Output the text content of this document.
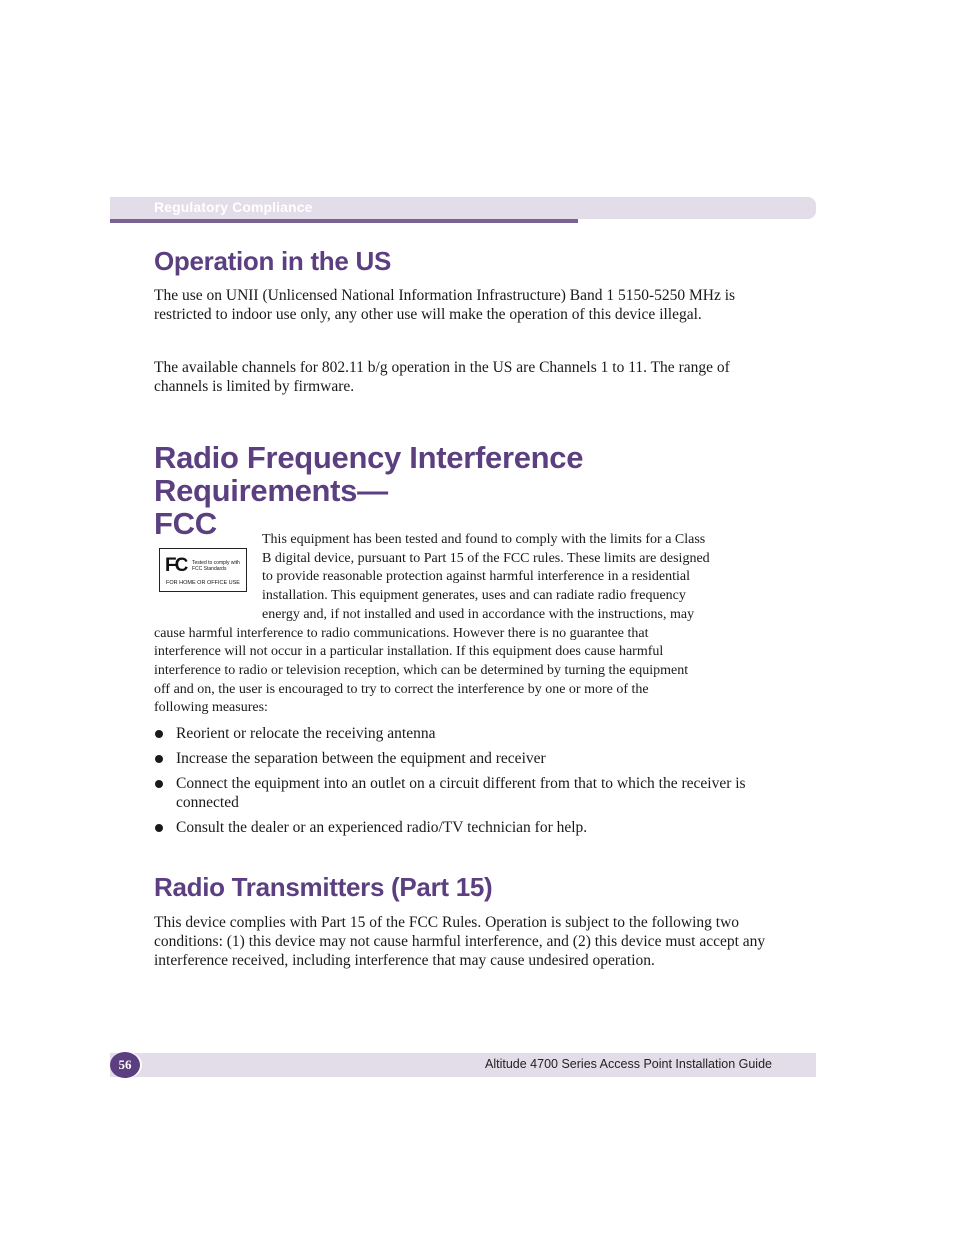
Regulatory Compliance
Operation in the US

The use on UNII (Unlicensed National Information Infrastructure) Band 1 5150-5250 MHz is restricted to indoor use only, any other use will make the operation of this device illegal.

The available channels for 802.11 b/g operation in the US are Channels 1 to 11. The range of channels is limited by firmware.

Radio Frequency Interference Requirements—
FCC
FC Tested to comply with FCC Standards
FOR HOME OR OFFICE USE

This equipment has been tested and found to comply with the limits for a Class

B digital device, pursuant to Part 15 of the FCC rules. These limits are designed

to provide reasonable protection against harmful interference in a residential

installation. This equipment generates, uses and can radiate radio frequency

energy and, if not installed and used in accordance with the instructions, may

cause harmful interference to radio communications. However there is no guarantee that

interference will not occur in a particular installation. If this equipment does cause harmful

interference to radio or television reception, which can be determined by turning the equipment

off and on, the user is encouraged to try to correct the interference by one or more of the

following measures:

Reorient or relocate the receiving antenna
Increase the separation between the equipment and receiver
Connect the equipment into an outlet on a circuit different from that to which the receiver is connected
Consult the dealer or an experienced radio/TV technician for help.
Radio Transmitters (Part 15)

This device complies with Part 15 of the FCC Rules. Operation is subject to the following two conditions: (1) this device may not cause harmful interference, and (2) this device must accept any interference received, including interference that may cause undesired operation.

56	Altitude 4700 Series Access Point Installation Guide
